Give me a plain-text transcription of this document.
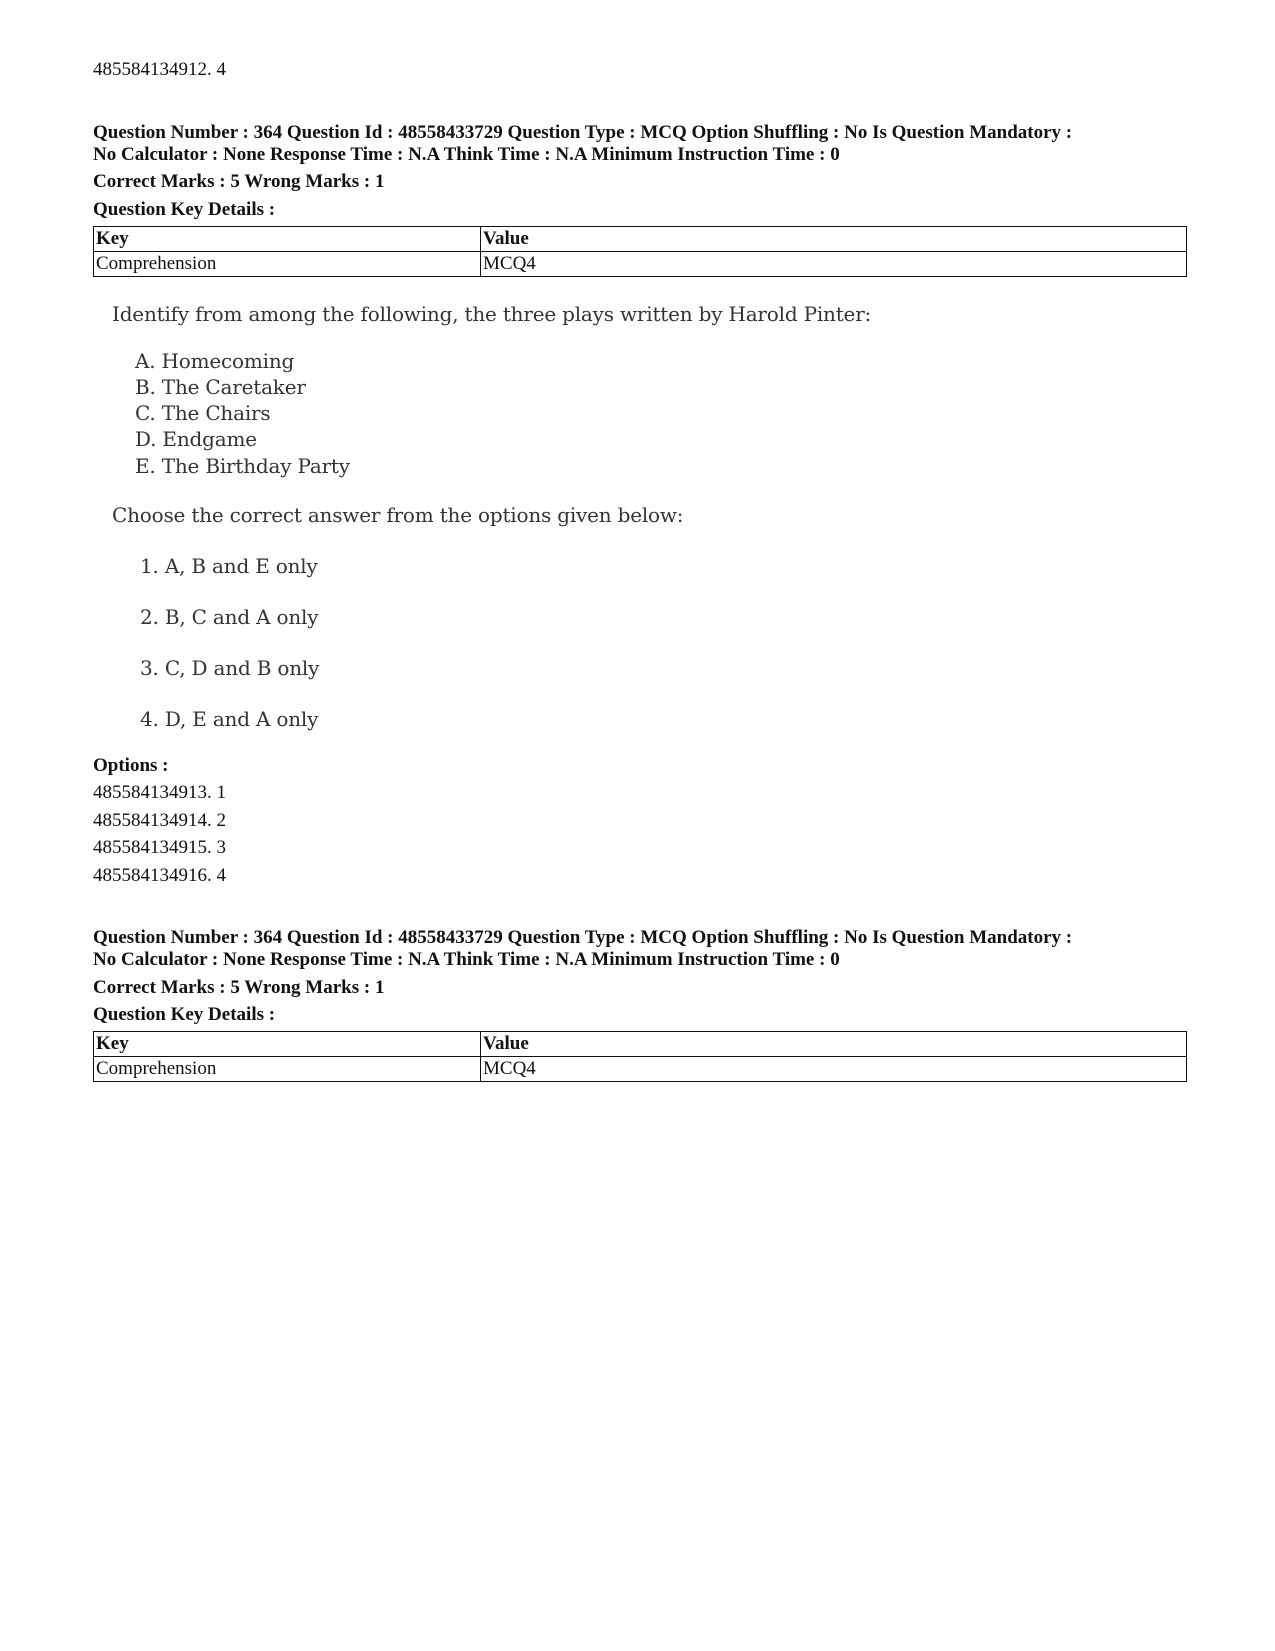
485584134912. 4
Question Number : 364 Question Id : 48558433729 Question Type : MCQ Option Shuffling : No Is Question Mandatory :
No Calculator : None Response Time : N.A Think Time : N.A Minimum Instruction Time : 0
Correct Marks : 5 Wrong Marks : 1
Question Key Details :
Key	Value
Comprehension	MCQ4
Identify from among the following, the three plays written by Harold Pinter:
A. Homecoming
B. The Caretaker
C. The Chairs
D. Endgame
E. The Birthday Party
Choose the correct answer from the options given below:
1. A, B and E only
2. B, C and A only
3. C, D and B only
4. D, E and A only
Options :
485584134913. 1
485584134914. 2
485584134915. 3
485584134916. 4
Question Number : 364 Question Id : 48558433729 Question Type : MCQ Option Shuffling : No Is Question Mandatory :
No Calculator : None Response Time : N.A Think Time : N.A Minimum Instruction Time : 0
Correct Marks : 5 Wrong Marks : 1
Question Key Details :
Key	Value
Comprehension	MCQ4
